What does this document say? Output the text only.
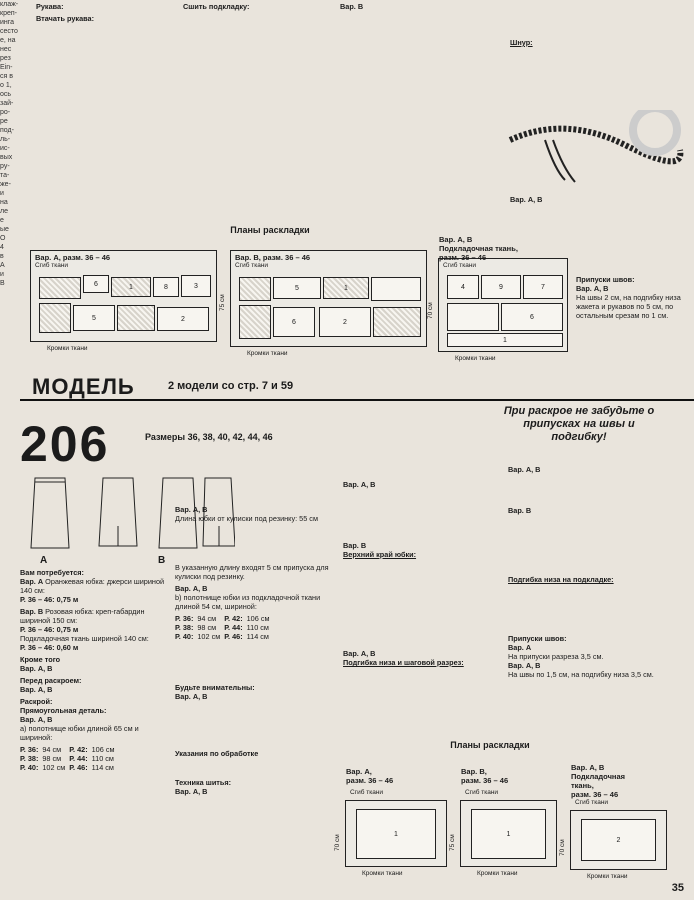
клаж-
креп-
инга
сесто
е, на
нес
рез
Ein-
ся в
о 1,
ось
зай-
ро-
ре
под-
ль-
ис-
вых
ру-
та-
же-
и
на
ле
е
ые
О
4
в
А
и
В

Рукава:

Втачать рукава:

Сшить подкладку:	Вар. В

Шнур:

Вар. А, В

Планы раскладки
Вар. А, разм. 36 – 46
Сгиб ткани
6	1	8	3
5	2
Кромки ткани
Вар. В, разм. 36 – 46
Сгиб ткани
75 см
5	1
6	2
Кромки ткани
Вар. А, В
Подкладочная ткань,
разм. 36 – 46
Сгиб ткани
70 см
4	9	7
6
1
Кромки ткани

Припуски швов:
Вар. А, В
На швы 2 см, на подгибку низа жакета и рукавов по 5 см, по остальным срезам по 1 см.

МОДЕЛЬ	2 модели со стр. 7 и 59
206	Размеры 36, 38, 40, 42, 44, 46
При раскрое не забудьте о припусках на швы и подгибку!
А	В

Вам потребуется:
Вар. А Оранжевая юбка: джерси шириной 140 см:
Р. 36 – 46: 0,75 м

Вар. В Розовая юбка: креп-габардин шириной 150 см:
Р. 36 – 46: 0,75 м
Подкладочная ткань шириной 140 см:
Р. 36 – 46: 0,60 м

Кроме того
Вар. А, В

Перед раскроем:
Вар. А, В

Раскрой:
Прямоугольная деталь:
Вар. А, В
а) полотнище юбки длиной 65 см и шириной:

Р. 36:	94 см	Р. 42:	106 см
Р. 38:	98 см	Р. 44:	110 см
Р. 40:	102 см	Р. 46:	114 см

Вар. А, В
Длина юбки от кулиски под резинку: 55 см

В указанную длину входят 5 см припуска для кулиски под резинку.

Вар. А, В
b) полотнище юбки из подкладочной ткани длиной 54 см, шириной:

Р. 36:	94 см	Р. 42:	106 см
Р. 38:	98 см	Р. 44:	110 см
Р. 40:	102 см	Р. 46:	114 см

Будьте внимательны:
Вар. А, В

Указания по обработке

Техника шитья:
Вар. А, В

Вар. А, В

Вар. В
Верхний край юбки:

Вар. А, В
Подгибка низа и шаговой разрез:

Вар. А, В

Вар. В

Подгибка низа на подкладке:

Припуски швов:
Вар. А
На припуски разреза 3,5 см.
Вар. А, В
На швы по 1,5 см, на подгибку низа 3,5 см.

Планы раскладки
Вар. А,
разм. 36 – 46
Сгиб ткани
70 см
1
Кромки ткани
Вар. В,
разм. 36 – 46
Сгиб ткани
75 см
1
Кромки ткани
Вар. А, В
Подкладочная
ткань,
разм. 36 – 46
Сгиб ткани
70 см	2
Кромки ткани
35
